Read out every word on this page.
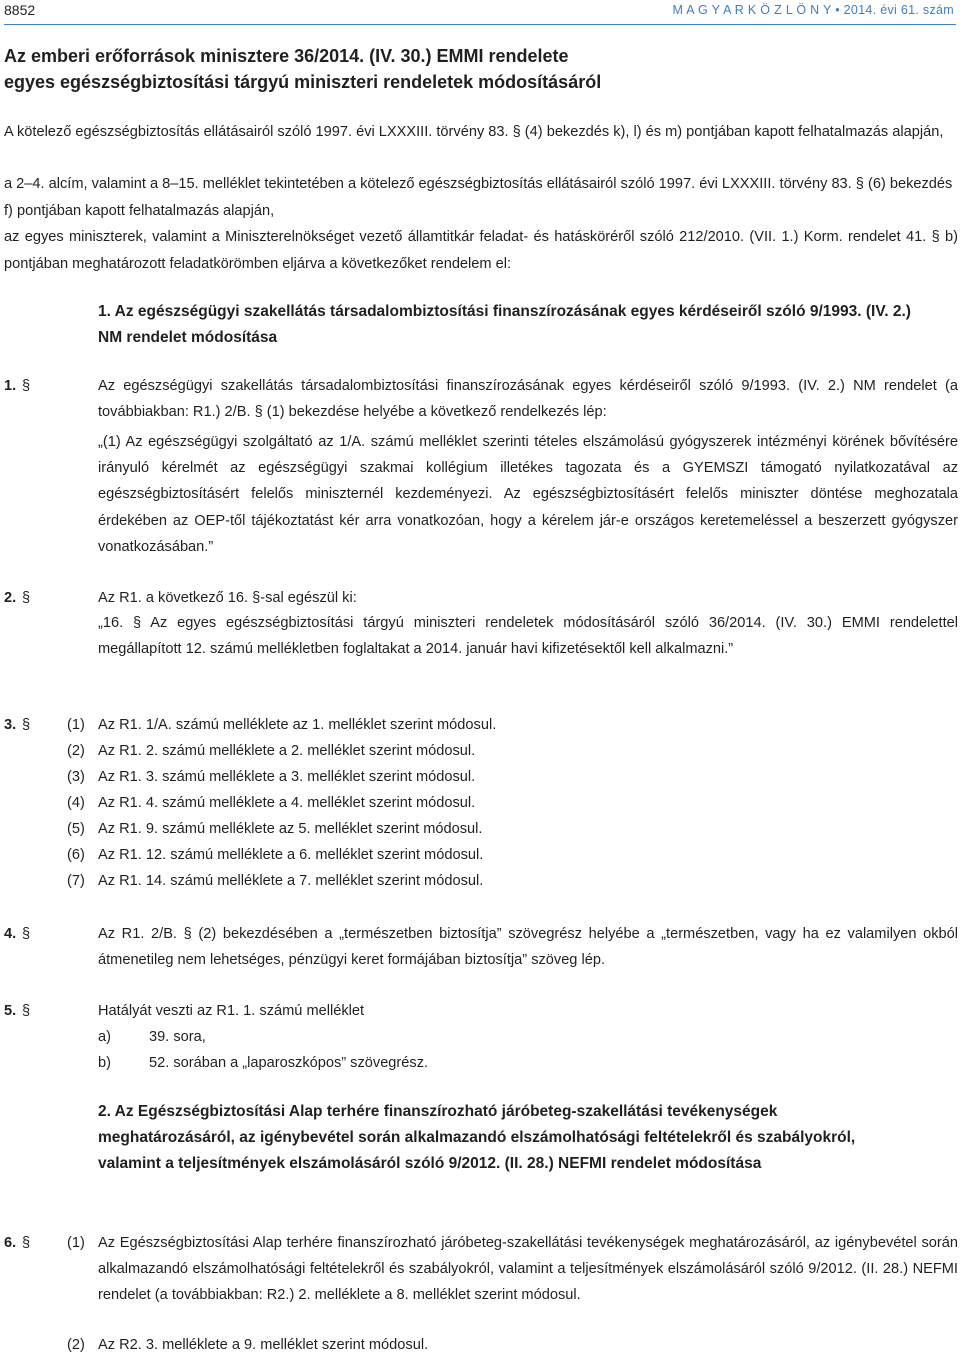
8852	M A G Y A R K Ö Z L Ö N Y • 2014. évi 61. szám
Az emberi erőforrások minisztere 36/2014. (IV. 30.) EMMI rendelete
egyes egészségbiztosítási tárgyú miniszteri rendeletek módosításáról
A kötelező egészségbiztosítás ellátásairól szóló 1997. évi LXXXIII. törvény 83. § (4) bekezdés k), l) és m) pontjában kapott felhatalmazás alapján,
a 2–4. alcím, valamint a 8–15. melléklet tekintetében a kötelező egészségbiztosítás ellátásairól szóló 1997. évi LXXXIII. törvény 83. § (6) bekezdés f) pontjában kapott felhatalmazás alapján,
az egyes miniszterek, valamint a Miniszterelnökséget vezető államtitkár feladat- és hatásköréről szóló 212/2010. (VII. 1.) Korm. rendelet 41. § b) pontjában meghatározott feladatkörömben eljárva a következőket rendelem el:
1. Az egészségügyi szakellátás társadalombiztosítási finanszírozásának egyes kérdéseiről szóló 9/1993. (IV. 2.) NM rendelet módosítása
1. §	Az egészségügyi szakellátás társadalombiztosítási finanszírozásának egyes kérdéseiről szóló 9/1993. (IV. 2.) NM rendelet (a továbbiakban: R1.) 2/B. § (1) bekezdése helyébe a következő rendelkezés lép:
„(1) Az egészségügyi szolgáltató az 1/A. számú melléklet szerinti tételes elszámolású gyógyszerek intézményi körének bővítésére irányuló kérelmét az egészségügyi szakmai kollégium illetékes tagozata és a GYEMSZI támogató nyilatkozatával az egészségbiztosításért felelős miniszternél kezdeményezi. Az egészségbiztosításért felelős miniszter döntése meghozatala érdekében az OEP-től tájékoztatást kér arra vonatkozóan, hogy a kérelem jár-e országos keretemeléssel a beszerzett gyógyszer vonatkozásában.”
2. §	Az R1. a következő 16. §-sal egészül ki:
„16. § Az egyes egészségbiztosítási tárgyú miniszteri rendeletek módosításáról szóló 36/2014. (IV. 30.) EMMI rendelettel megállapított 12. számú mellékletben foglaltakat a 2014. január havi kifizetésektől kell alkalmazni.”
3. §	(1) Az R1. 1/A. számú melléklete az 1. melléklet szerint módosul.
(2) Az R1. 2. számú melléklete a 2. melléklet szerint módosul.
(3) Az R1. 3. számú melléklete a 3. melléklet szerint módosul.
(4) Az R1. 4. számú melléklete a 4. melléklet szerint módosul.
(5) Az R1. 9. számú melléklete az 5. melléklet szerint módosul.
(6) Az R1. 12. számú melléklete a 6. melléklet szerint módosul.
(7) Az R1. 14. számú melléklete a 7. melléklet szerint módosul.
4. §	Az R1. 2/B. § (2) bekezdésében a „természetben biztosítja” szövegrész helyébe a „természetben, vagy ha ez valamilyen okból átmenetileg nem lehetséges, pénzügyi keret formájában biztosítja” szöveg lép.
5. §	Hatályát veszti az R1. 1. számú melléklet
a)	39. sora,
b)	52. sorában a „laparoszkópos” szövegrész.
2. Az Egészségbiztosítási Alap terhére finanszírozható járóbeteg-szakellátási tevékenységek meghatározásáról, az igénybevétel során alkalmazandó elszámolhatósági feltételekről és szabályokról, valamint a teljesítmények elszámolásáról szóló 9/2012. (II. 28.) NEFMI rendelet módosítása
6. §	(1) Az Egészségbiztosítási Alap terhére finanszírozható járóbeteg-szakellátási tevékenységek meghatározásáról, az igénybevétel során alkalmazandó elszámolhatósági feltételekről és szabályokról, valamint a teljesítmények elszámolásáról szóló 9/2012. (II. 28.) NEFMI rendelet (a továbbiakban: R2.) 2. melléklete a 8. melléklet szerint módosul.
(2) Az R2. 3. melléklete a 9. melléklet szerint módosul.
